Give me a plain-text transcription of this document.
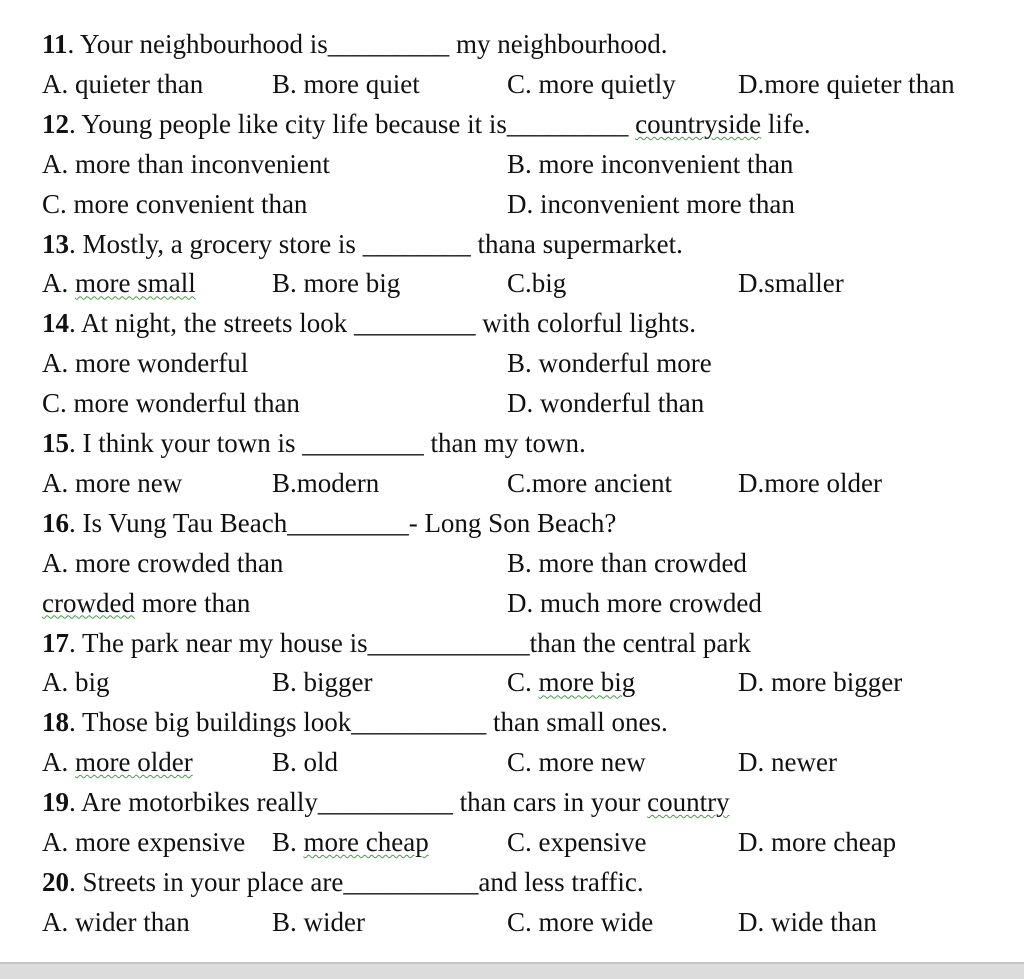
11. Your neighbourhood is_________ my neighbourhood.
A. quieter than	B. more quiet	C. more quietly D.more quieter than
12. Young people like city life because it is_________ countryside life.
A. more than inconvenient	B. more inconvenient than
C. more convenient than	D. inconvenient more than
13. Mostly, a grocery store is ________ thana supermarket.
A. more small	B. more big	C.big	D.smaller
14. At night, the streets look _________ with colorful lights.
A. more wonderful	B. wonderful more
C. more wonderful than	D. wonderful than
15. I think your town is _________ than my town.
A. more new	B.modern	C.more ancient D.more older
16. Is Vung Tau Beach_________- Long Son Beach?
A. more crowded than	B. more than crowded
crowded more than	D. much more crowded
17. The park near my house is____________than the central park
A. big	B. bigger	C. more big	D. more bigger
18. Those big buildings look__________ than small ones.
A. more older	B. old	C. more new	D. newer
19. Are motorbikes really__________ than cars in your country
A. more expensive B. more cheap	C. expensive	D. more cheap
20. Streets in your place are__________and less traffic.
A. wider than	B. wider	C. more wide	D. wide than
